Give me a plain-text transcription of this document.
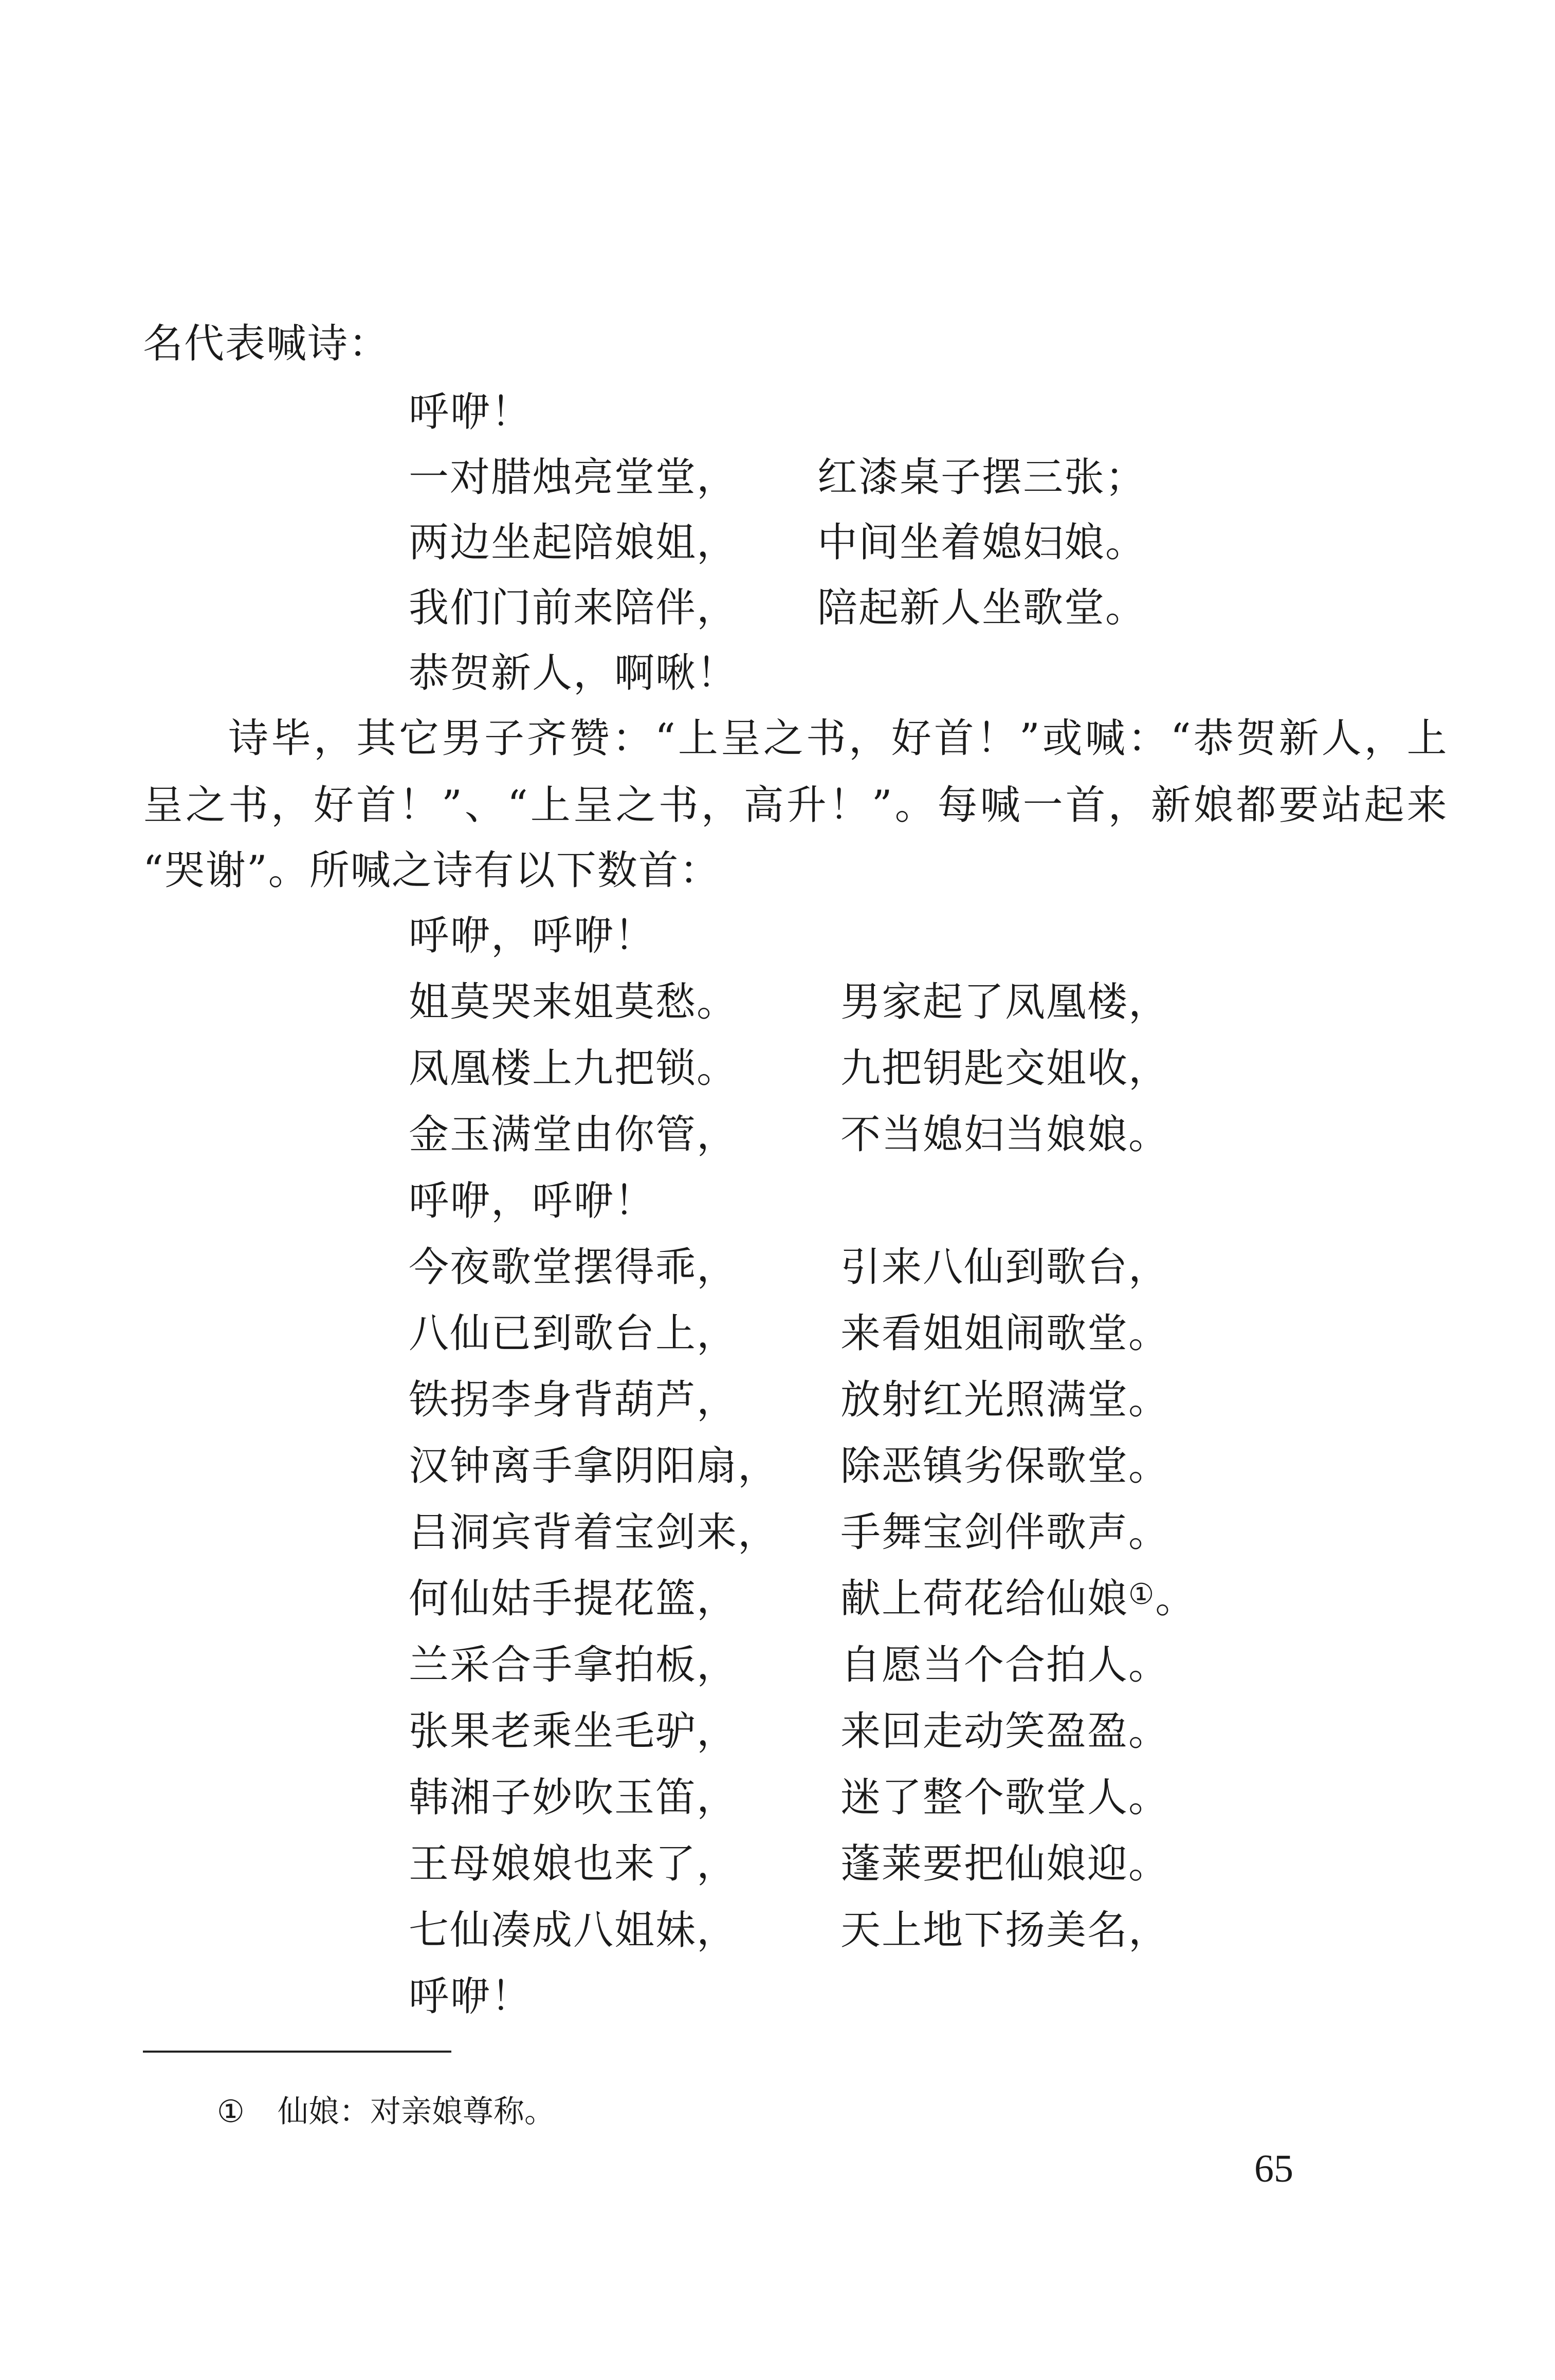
名代表喊诗：
呼咿！
一对腊烛亮堂堂， 红漆桌子摆三张；
两边坐起陪娘姐， 中间坐着媳妇娘。
我们门前来陪伴， 陪起新人坐歌堂。
恭贺新人，啊啾！
诗毕，其它男子齐赞：“上呈之书，好首！”或喊：“恭贺新人，上
呈之书，好首！”、“上呈之书，高升！”。每喊一首，新娘都要站起来
“哭谢”。所喊之诗有以下数首：
呼咿，呼咿！
姐莫哭来姐莫愁。	男家起了凤凰楼，
凤凰楼上九把锁。	九把钥匙交姐收，
金玉满堂由你管，	不当媳妇当娘娘。
呼咿，呼咿！
今夜歌堂摆得乖，	引来八仙到歌台，
八仙已到歌台上，	来看姐姐闹歌堂。
铁拐李身背葫芦，	放射红光照满堂。
汉钟离手拿阴阳扇， 除恶镇劣保歌堂。
吕洞宾背着宝剑来， 手舞宝剑伴歌声。
何仙姑手提花篮，	献上荷花给仙娘①。
兰采合手拿拍板，	自愿当个合拍人。
张果老乘坐毛驴，	来回走动笑盈盈。
韩湘子妙吹玉笛，	迷了整个歌堂人。
王母娘娘也来了，	蓬莱要把仙娘迎。
七仙凑成八姐妹，	天上地下扬美名，
呼咿！
① 仙娘：对亲娘尊称。
65
